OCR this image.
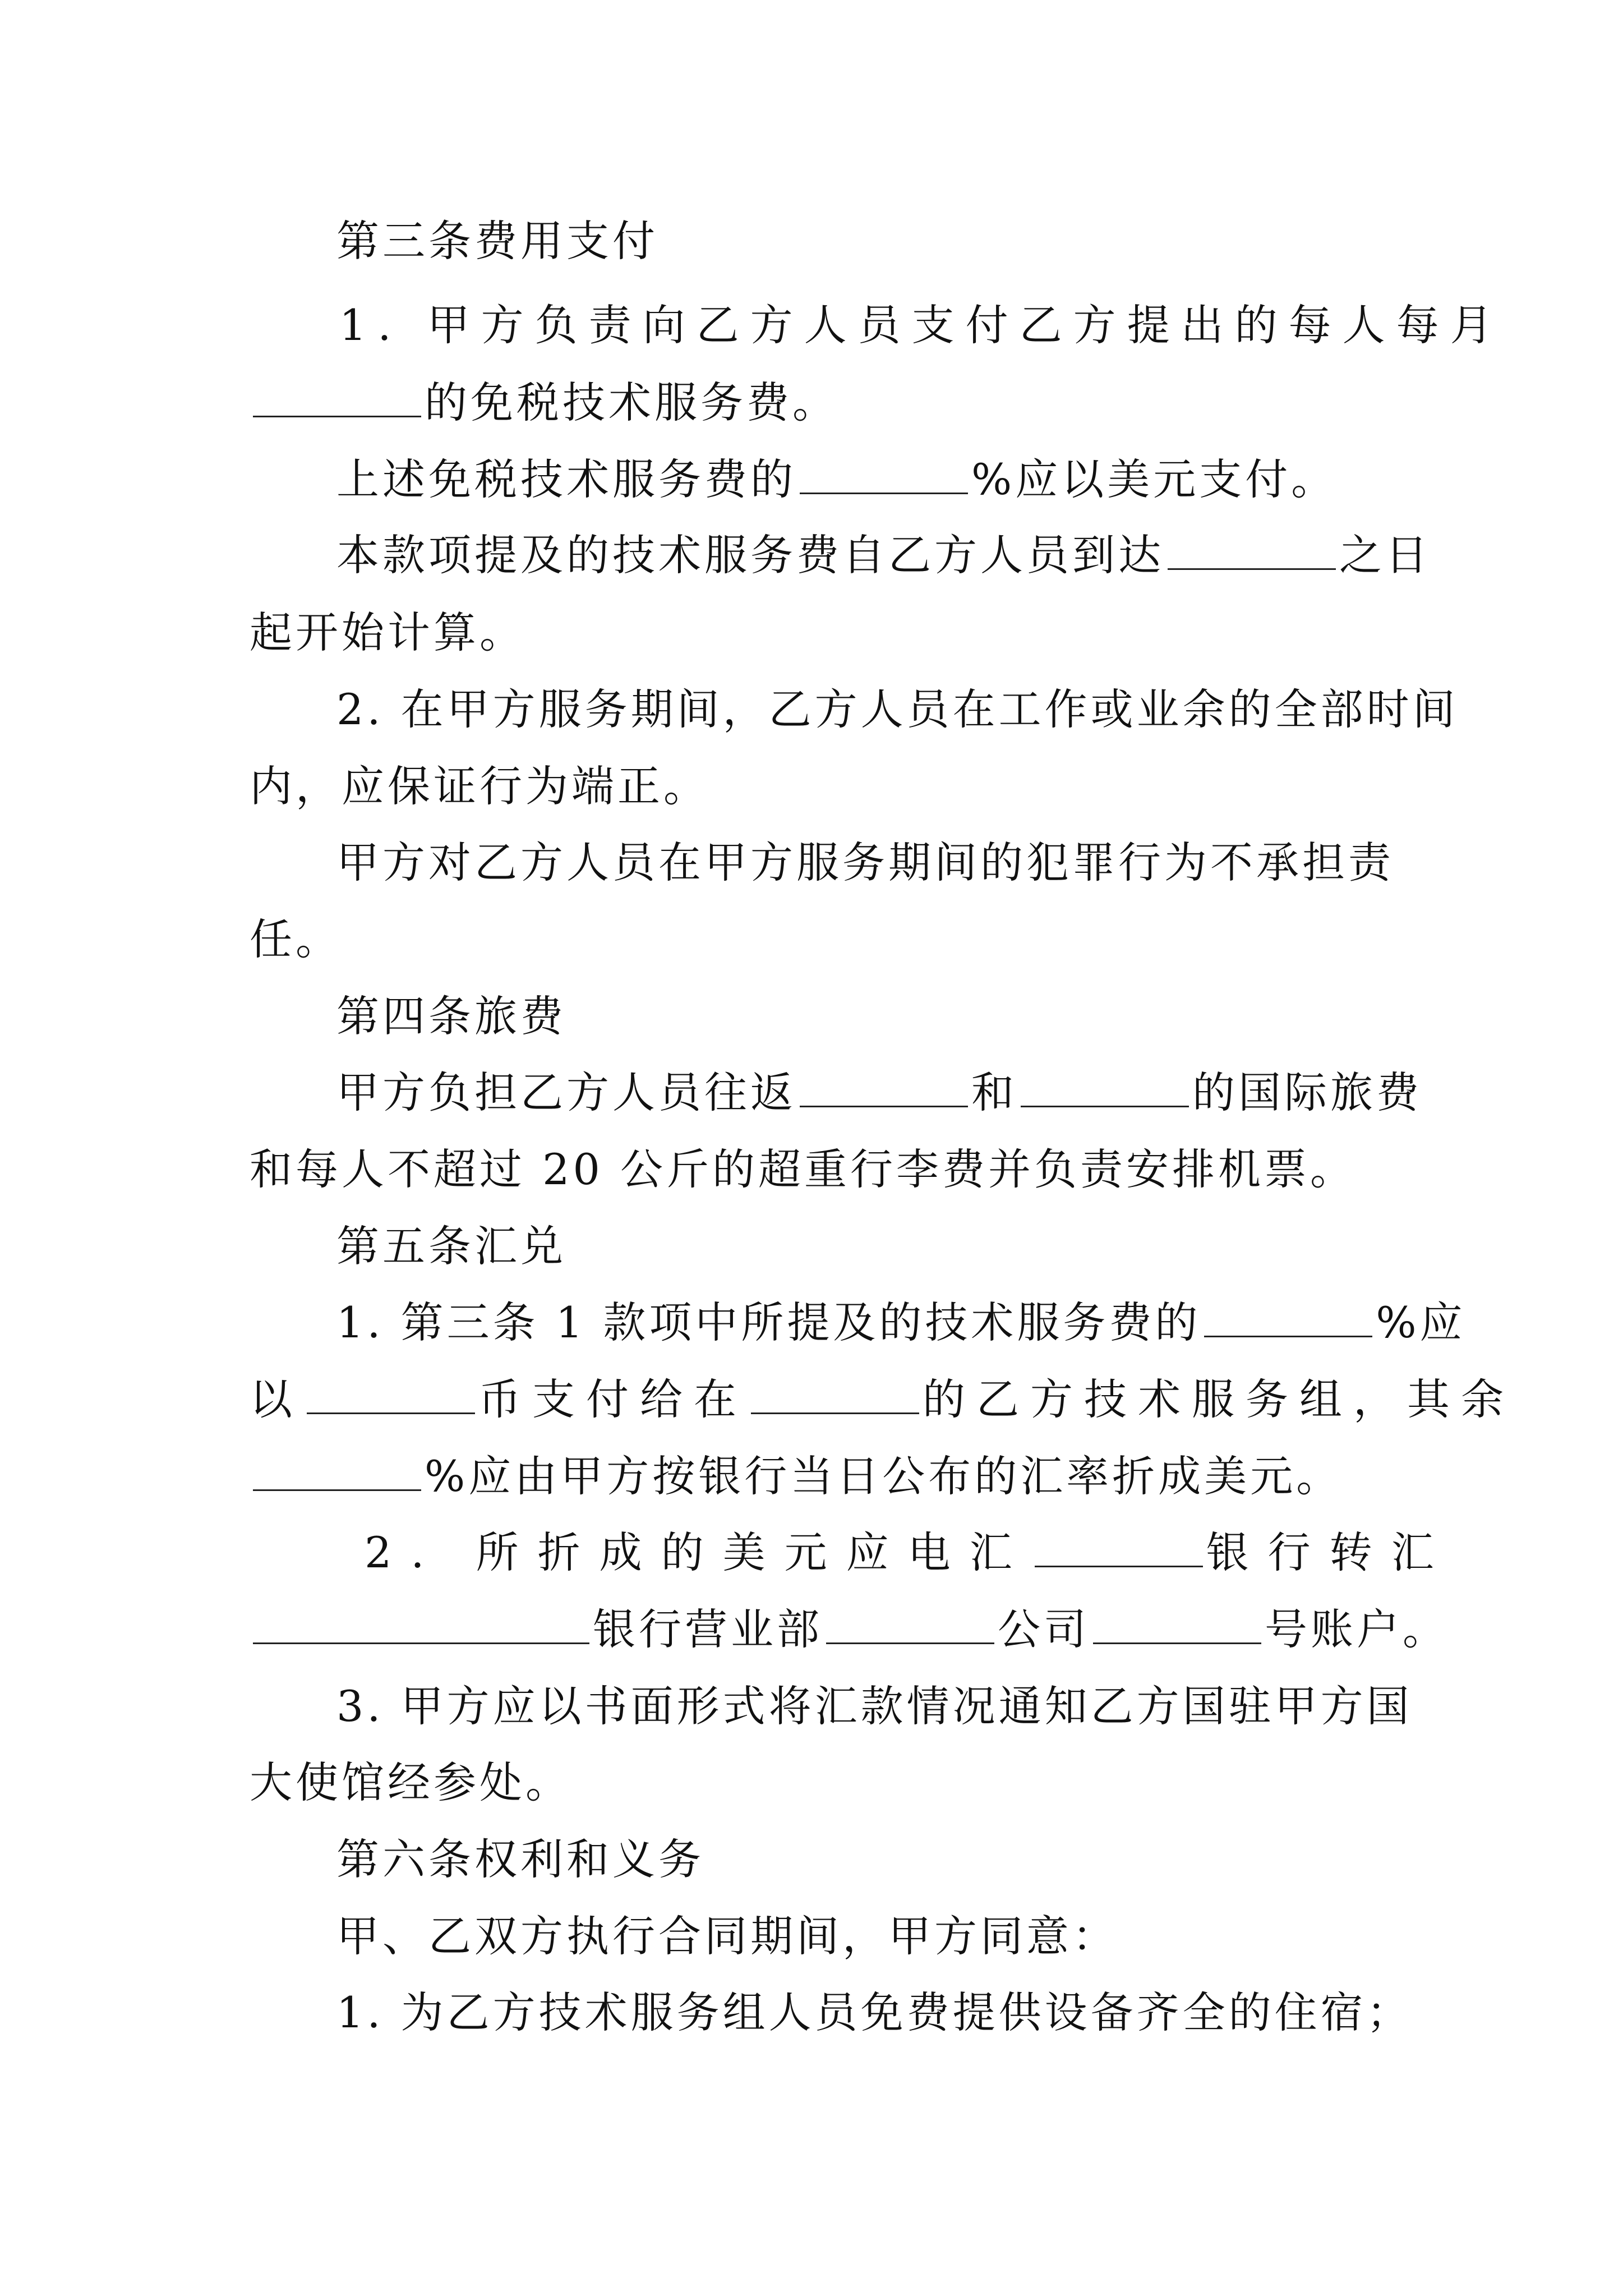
第三条费用支付
1. 甲方负责向乙方人员支付乙方提出的每人每月
的免税技术服务费。
上述免税技术服务费的	%应以美元支付。
本款项提及的技术服务费自乙方人员到达	之日
起开始计算。
2. 在甲方服务期间，乙方人员在工作或业余的全部时间
内，应保证行为端正。
甲方对乙方人员在甲方服务期间的犯罪行为不承担责
任。
第四条旅费
甲方负担乙方人员往返	和	的国际旅费
和每人不超过 20 公斤的超重行李费并负责安排机票。
第五条汇兑
1. 第三条 1 款项中所提及的技术服务费的	%应
以	币支付给在	的乙方技术服务组，其余
%应由甲方按银行当日公布的汇率折成美元。
2. 所折成的美元应电汇	银行转汇
银行营业部	公司	号账户。
3. 甲方应以书面形式将汇款情况通知乙方国驻甲方国
大使馆经参处。
第六条权利和义务
甲、乙双方执行合同期间，甲方同意：
1. 为乙方技术服务组人员免费提供设备齐全的住宿；
